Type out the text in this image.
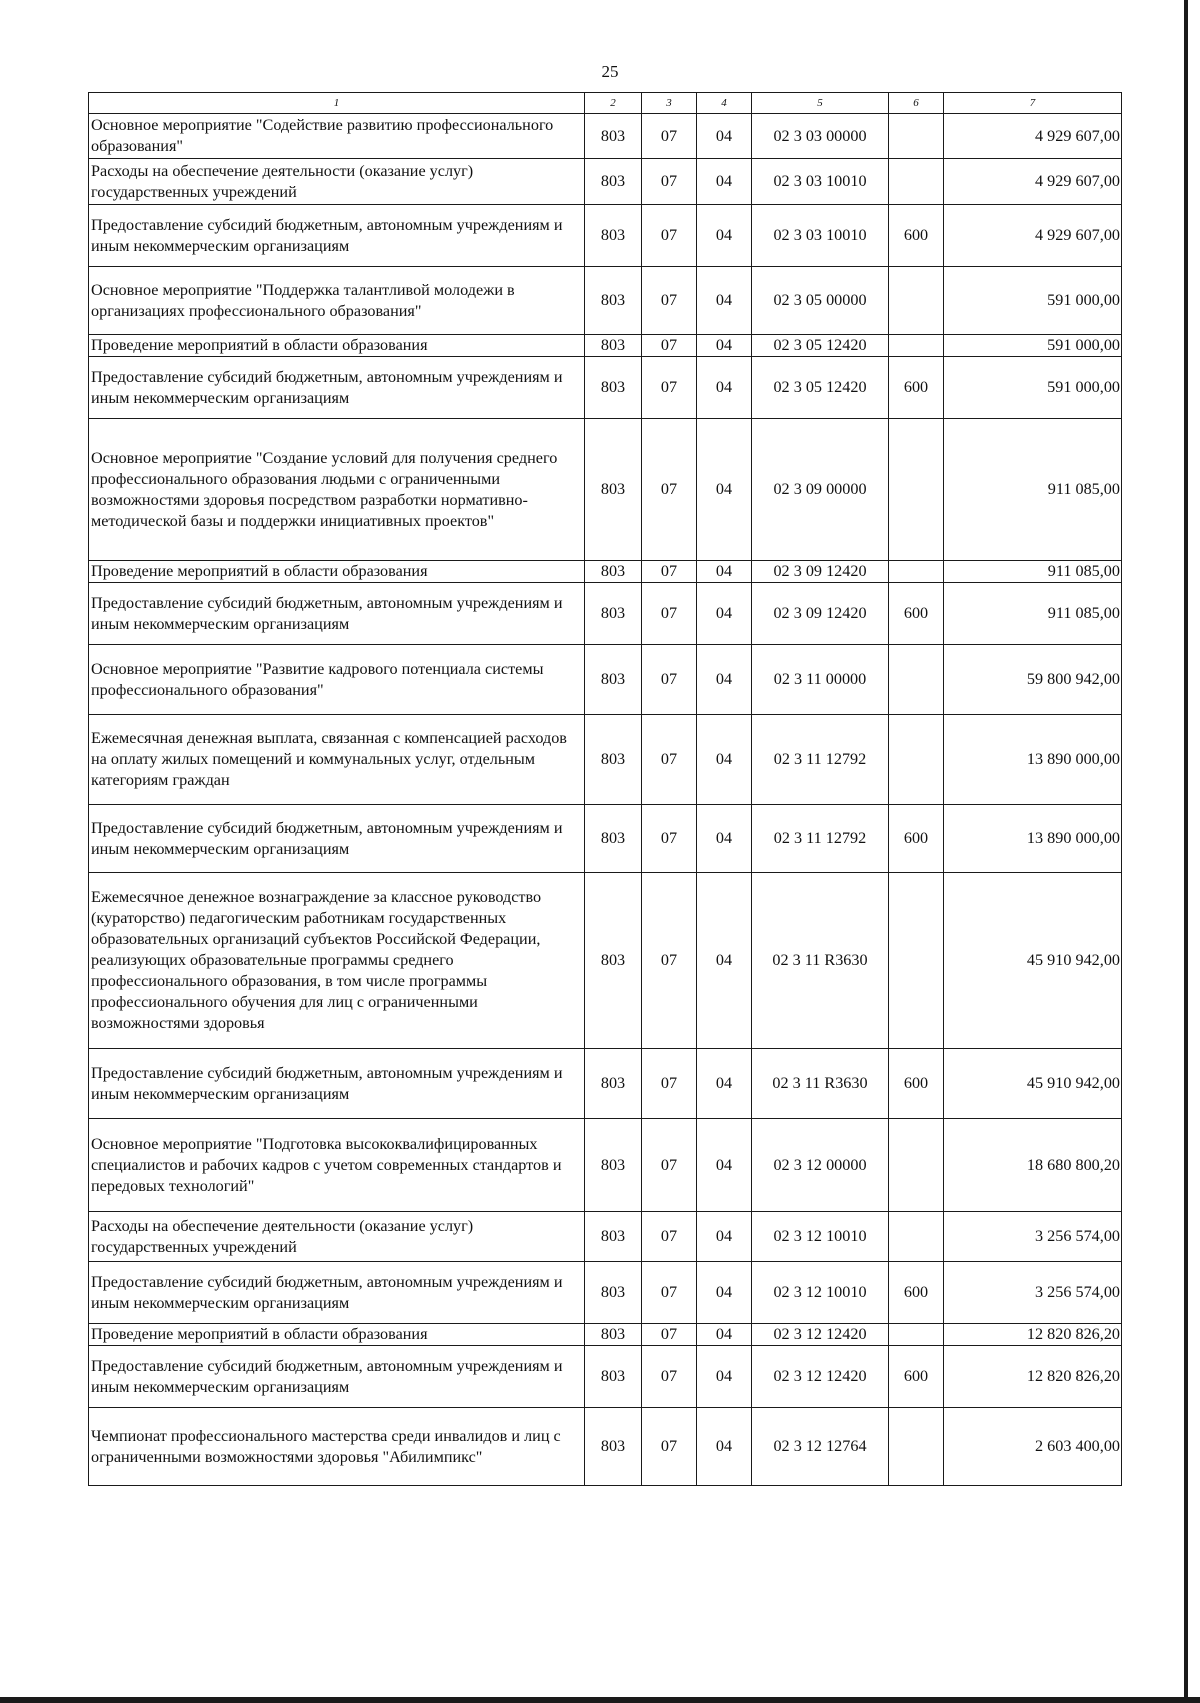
25
1	2	3	4	5	6	7
Основное мероприятие "Содействие развитию профессионального образования"	803	07	04	02 3 03 00000		4 929 607,00
Расходы на обеспечение деятельности (оказание услуг) государственных учреждений	803	07	04	02 3 03 10010		4 929 607,00
Предоставление субсидий бюджетным, автономным учреждениям и иным некоммерческим организациям	803	07	04	02 3 03 10010	600	4 929 607,00
Основное мероприятие "Поддержка талантливой молодежи в организациях профессионального образования"	803	07	04	02 3 05 00000		591 000,00
Проведение мероприятий в области образования	803	07	04	02 3 05 12420		591 000,00
Предоставление субсидий бюджетным, автономным учреждениям и иным некоммерческим организациям	803	07	04	02 3 05 12420	600	591 000,00
Основное мероприятие "Создание условий для получения среднего профессионального образования людьми с ограниченными возможностями здоровья посредством разработки нормативно-методической базы и поддержки инициативных проектов"	803	07	04	02 3 09 00000		911 085,00
Проведение мероприятий в области образования	803	07	04	02 3 09 12420		911 085,00
Предоставление субсидий бюджетным, автономным учреждениям и иным некоммерческим организациям	803	07	04	02 3 09 12420	600	911 085,00
Основное мероприятие "Развитие кадрового потенциала системы профессионального образования"	803	07	04	02 3 11 00000		59 800 942,00
Ежемесячная денежная выплата, связанная с компенсацией расходов на оплату жилых помещений и коммунальных услуг, отдельным категориям граждан	803	07	04	02 3 11 12792		13 890 000,00
Предоставление субсидий бюджетным, автономным учреждениям и иным некоммерческим организациям	803	07	04	02 3 11 12792	600	13 890 000,00
Ежемесячное денежное вознаграждение за классное руководство (кураторство) педагогическим работникам государственных образовательных организаций субъектов Российской Федерации, реализующих образовательные программы среднего профессионального образования, в том числе программы профессионального обучения для лиц с ограниченными возможностями здоровья	803	07	04	02 3 11 R3630		45 910 942,00
Предоставление субсидий бюджетным, автономным учреждениям и иным некоммерческим организациям	803	07	04	02 3 11 R3630	600	45 910 942,00
Основное мероприятие "Подготовка высококвалифицированных специалистов и рабочих кадров с учетом современных стандартов и передовых технологий"	803	07	04	02 3 12 00000		18 680 800,20
Расходы на обеспечение деятельности (оказание услуг) государственных учреждений	803	07	04	02 3 12 10010		3 256 574,00
Предоставление субсидий бюджетным, автономным учреждениям и иным некоммерческим организациям	803	07	04	02 3 12 10010	600	3 256 574,00
Проведение мероприятий в области образования	803	07	04	02 3 12 12420		12 820 826,20
Предоставление субсидий бюджетным, автономным учреждениям и иным некоммерческим организациям	803	07	04	02 3 12 12420	600	12 820 826,20
Чемпионат профессионального мастерства среди инвалидов и лиц с ограниченными возможностями здоровья "Абилимпикс"	803	07	04	02 3 12 12764		2 603 400,00
